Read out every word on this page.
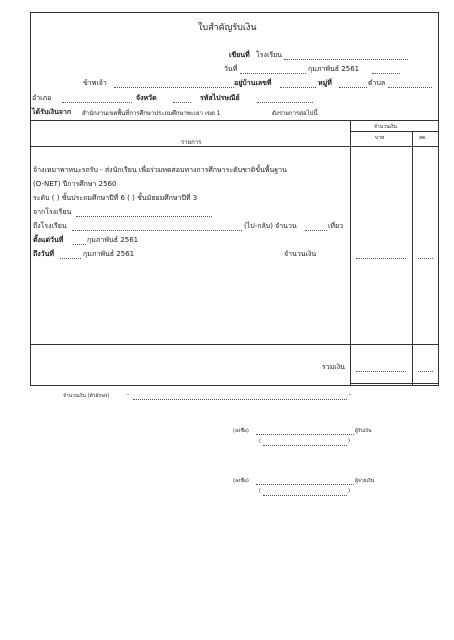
ใบสำคัญรับเงิน
เขียนที่ โรงเรียน
วันที่	กุมภาพันธ์ 2561
ข้าพเจ้า	อยู่บ้านเลขที่	หมู่ที่	ตำบล
อำเภอ	จังหวัด	รหัสไปรษณีย์
ได้รับเงินจาก สำนักงานเขตพื้นที่การศึกษาประถมศึกษาพะเยา เขต 1	ดังรายการต่อไปนี้
รายการ
จำนวนเงิน
บาท	สต.
จ้างเหมาพาหนะรถรับ - ส่งนักเรียน เพื่อร่วมทดสอบทางการศึกษาระดับชาติขั้นพื้นฐาน
(O-NET) ปีการศึกษา 2560
ระดับ ( ) ชั้นประถมศึกษาปีที่ 6 ( ) ชั้นมัธยมศึกษาปีที่ 3
จากโรงเรียน
ถึงโรงเรียน	(ไป-กลับ) จำนวน	เที่ยว
ตั้งแต่วันที่	กุมภาพันธ์ 2561
ถึงวันที่	กุมภาพันธ์ 2561	จำนวนเงิน
รวมเงิน
จำนวนเงิน (ตัวอักษร)	-	-
(ลงชื่อ)	ผู้รับเงิน
(	)
(ลงชื่อ)	ผู้จ่ายเงิน
(	)
